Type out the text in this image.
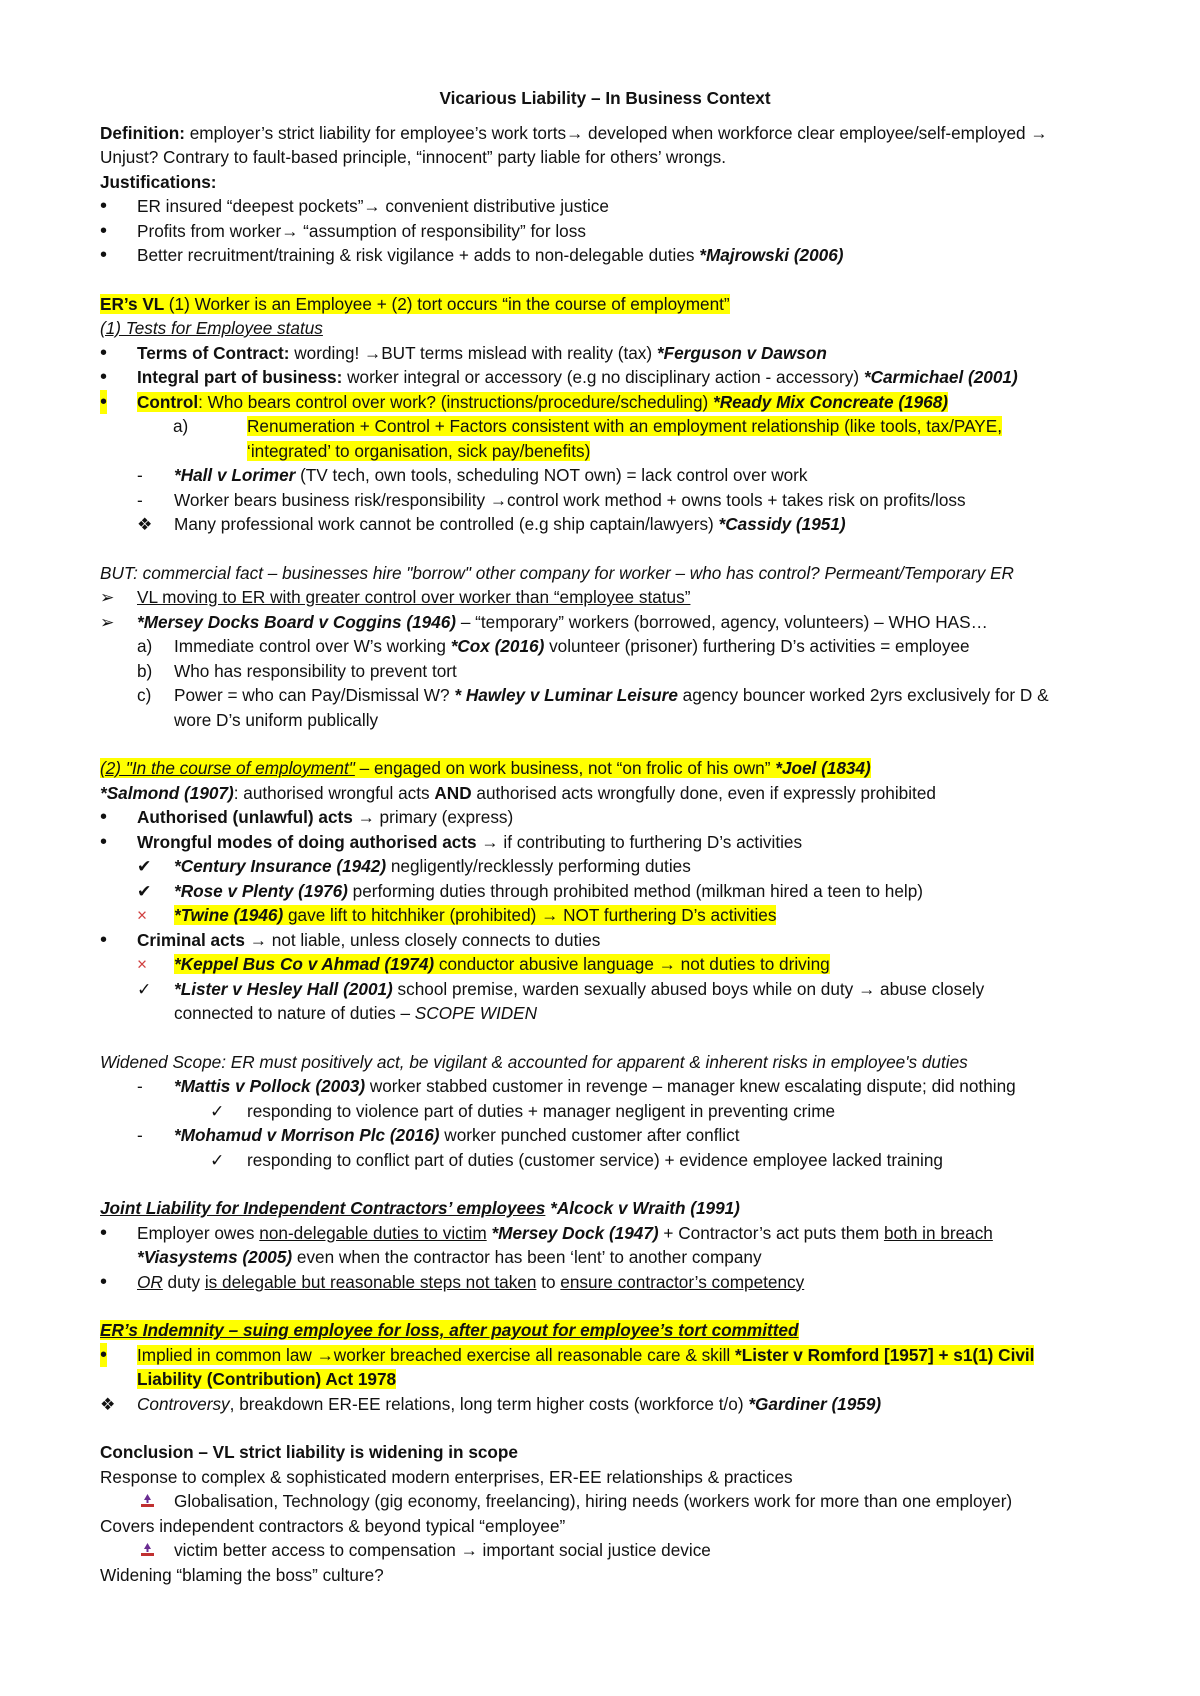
Vicarious Liability – In Business Context
Definition: employer’s strict liability for employee’s work torts→ developed when workforce clear employee/self-employed → Unjust? Contrary to fault-based principle, “innocent” party liable for others’ wrongs.
Justifications:
• ER insured “deepest pockets”→ convenient distributive justice
• Profits from worker→ “assumption of responsibility” for loss
• Better recruitment/training & risk vigilance + adds to non-delegable duties *Majrowski (2006)
ER’s VL (1) Worker is an Employee + (2) tort occurs “in the course of employment”
(1) Tests for Employee status
• Terms of Contract: wording! →BUT terms mislead with reality (tax) *Ferguson v Dawson
• Integral part of business: worker integral or accessory (e.g no disciplinary action - accessory) *Carmichael (2001)
• Control: Who bears control over work? (instructions/procedure/scheduling) *Ready Mix Concreate (1968)
a)	Renumeration + Control + Factors consistent with an employment relationship (like tools, tax/PAYE,
‘integrated’ to organisation, sick pay/benefits)
- *Hall v Lorimer (TV tech, own tools, scheduling NOT own) = lack control over work
- Worker bears business risk/responsibility →control work method + owns tools + takes risk on profits/loss
❖ Many professional work cannot be controlled (e.g ship captain/lawyers) *Cassidy (1951)
BUT: commercial fact – businesses hire "borrow" other company for worker – who has control? Permeant/Temporary ER
➢ VL moving to ER with greater control over worker than “employee status”
➢ *Mersey Docks Board v Coggins (1946) – “temporary” workers (borrowed, agency, volunteers) – WHO HAS…
a) Immediate control over W’s working *Cox (2016) volunteer (prisoner) furthering D’s activities = employee
b) Who has responsibility to prevent tort
c) Power = who can Pay/Dismissal W? * Hawley v Luminar Leisure agency bouncer worked 2yrs exclusively for D &
wore D’s uniform publically
(2) "In the course of employment" – engaged on work business, not “on frolic of his own” *Joel (1834)
*Salmond (1907): authorised wrongful acts AND authorised acts wrongfully done, even if expressly prohibited
• Authorised (unlawful) acts → primary (express)
• Wrongful modes of doing authorised acts → if contributing to furthering D’s activities
✔ *Century Insurance (1942) negligently/recklessly performing duties
✔ *Rose v Plenty (1976) performing duties through prohibited method (milkman hired a teen to help)
× *Twine (1946) gave lift to hitchhiker (prohibited) → NOT furthering D’s activities
• Criminal acts → not liable, unless closely connects to duties
× *Keppel Bus Co v Ahmad (1974) conductor abusive language → not duties to driving
✓ *Lister v Hesley Hall (2001) school premise, warden sexually abused boys while on duty → abuse closely
connected to nature of duties – SCOPE WIDEN
Widened Scope: ER must positively act, be vigilant & accounted for apparent & inherent risks in employee's duties
- *Mattis v Pollock (2003) worker stabbed customer in revenge – manager knew escalating dispute; did nothing
✓ responding to violence part of duties + manager negligent in preventing crime
- *Mohamud v Morrison Plc (2016) worker punched customer after conflict
✓ responding to conflict part of duties (customer service) + evidence employee lacked training
Joint Liability for Independent Contractors’ employees *Alcock v Wraith (1991)
• Employer owes non-delegable duties to victim *Mersey Dock (1947) + Contractor’s act puts them both in breach
*Viasystems (2005) even when the contractor has been ‘lent’ to another company
• OR duty is delegable but reasonable steps not taken to ensure contractor’s competency
ER’s Indemnity – suing employee for loss, after payout for employee’s tort committed
• Implied in common law →worker breached exercise all reasonable care & skill *Lister v Romford [1957] + s1(1) Civil
Liability (Contribution) Act 1978
❖ Controversy, breakdown ER-EE relations, long term higher costs (workforce t/o) *Gardiner (1959)
Conclusion – VL strict liability is widening in scope
Response to complex & sophisticated modern enterprises, ER-EE relationships & practices
Globalisation, Technology (gig economy, freelancing), hiring needs (workers work for more than one employer)
Covers independent contractors & beyond typical “employee”
victim better access to compensation → important social justice device
Widening “blaming the boss” culture?
